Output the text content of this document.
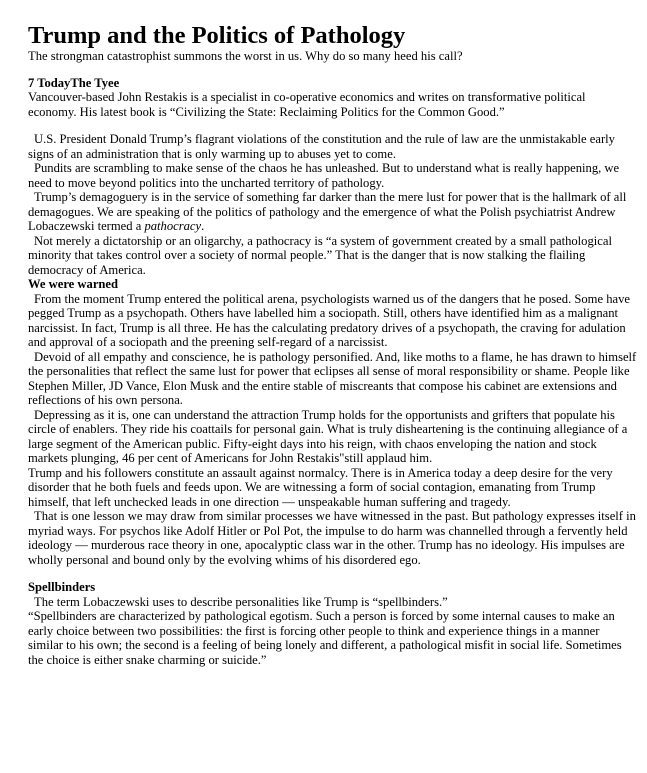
Trump and the Politics of Pathology

The strongman catastrophist summons the worst in us. Why do so many heed his call?

7 TodayThe Tyee

Vancouver-based John Restakis is a specialist in co-operative economics and writes on transformative political economy. His latest book is “Civilizing the State: Reclaiming Politics for the Common Good.”

U.S. President Donald Trump’s flagrant violations of the constitution and the rule of law are the unmistakable early signs of an administration that is only warming up to abuses yet to come.

Pundits are scrambling to make sense of the chaos he has unleashed. But to understand what is really happening, we need to move beyond politics into the uncharted territory of pathology.

Trump’s demagoguery is in the service of something far darker than the mere lust for power that is the hallmark of all demagogues. We are speaking of the politics of pathology and the emergence of what the Polish psychiatrist Andrew Lobaczewski termed a pathocracy.

Not merely a dictatorship or an oligarchy, a pathocracy is “a system of government created by a small pathological minority that takes control over a society of normal people.” That is the danger that is now stalking the flailing democracy of America.

We were warned

From the moment Trump entered the political arena, psychologists warned us of the dangers that he posed. Some have pegged Trump as a psychopath. Others have labelled him a sociopath. Still, others have identified him as a malignant narcissist. In fact, Trump is all three. He has the calculating predatory drives of a psychopath, the craving for adulation and approval of a sociopath and the preening self-regard of a narcissist.

Devoid of all empathy and conscience, he is pathology personified. And, like moths to a flame, he has drawn to himself the personalities that reflect the same lust for power that eclipses all sense of moral responsibility or shame. People like Stephen Miller, JD Vance, Elon Musk and the entire stable of miscreants that compose his cabinet are extensions and reflections of his own persona.

Depressing as it is, one can understand the attraction Trump holds for the opportunists and grifters that populate his circle of enablers. They ride his coattails for personal gain. What is truly disheartening is the continuing allegiance of a large segment of the American public. Fifty-eight days into his reign, with chaos enveloping the nation and stock markets plunging, 46 per cent of Americans for John Restakis"still applaud him.

Trump and his followers constitute an assault against normalcy. There is in America today a deep desire for the very disorder that he both fuels and feeds upon. We are witnessing a form of social contagion, emanating from Trump himself, that left unchecked leads in one direction — unspeakable human suffering and tragedy.

That is one lesson we may draw from similar processes we have witnessed in the past. But pathology expresses itself in myriad ways. For psychos like Adolf Hitler or Pol Pot, the impulse to do harm was channelled through a fervently held ideology — murderous race theory in one, apocalyptic class war in the other. Trump has no ideology. His impulses are wholly personal and bound only by the evolving whims of his disordered ego.

Spellbinders

The term Lobaczewski uses to describe personalities like Trump is “spellbinders.”

“Spellbinders are characterized by pathological egotism. Such a person is forced by some internal causes to make an early choice between two possibilities: the first is forcing other people to think and experience things in a manner similar to his own; the second is a feeling of being lonely and different, a pathological misfit in social life. Sometimes the choice is either snake charming or suicide.”
